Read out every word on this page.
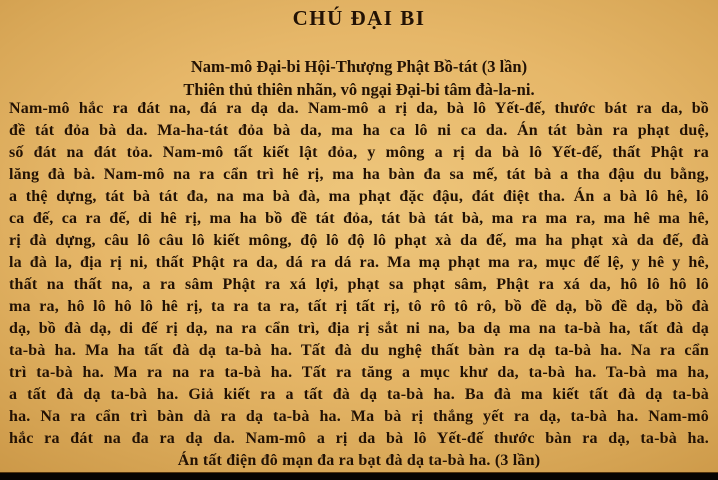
CHÚ ĐẠI BI
Nam-mô Đại-bi Hội-Thượng Phật Bồ-tát (3 lần)
Thiên thủ thiên nhãn, vô ngại Đại-bi tâm đà-la-ni.
Nam-mô hắc ra đát na, đá ra dạ da. Nam-mô a rị da, bà lô Yết-đế, thước bát ra da, bồ
đề tát đỏa bà da. Ma-ha-tát đỏa bà da, ma ha ca lô ni ca da. Án tát bàn ra phạt duệ,
số đát na đát tỏa. Nam-mô tất kiết lật đỏa, y mông a rị da bà lô Yết-đế, thất Phật ra
lăng đà bà. Nam-mô na ra cẩn trì hê rị, ma ha bàn đa sa mế, tát bà a tha đậu du bằng,
a thệ dựng, tát bà tát đa, na ma bà đà, ma phạt đặc đậu, đát điệt tha. Án a bà lô hê, lô
ca đế, ca ra đế, di hê rị, ma ha bồ đề tát đỏa, tát bà tát bà, ma ra ma ra, ma hê ma hê,
rị đà dựng, câu lô câu lô kiết mông, độ lô độ lô phạt xà da đế, ma ha phạt xà da đế, đà
la đà la, địa rị ni, thất Phật ra da, dá ra dá ra. Ma mạ phạt ma ra, mục đế lệ, y hê y hê,
thất na thất na, a ra sâm Phật ra xá lợi, phạt sa phạt sâm, Phật ra xá da, hô lô hô lô
ma ra, hô lô hô lô hê rị, ta ra ta ra, tất rị tất rị, tô rô tô rô, bồ đề dạ, bồ đề dạ, bồ đà
dạ, bồ đà dạ, di đế rị dạ, na ra cẩn trì, địa rị sắt ni na, ba dạ ma na ta-bà ha, tất đà dạ
ta-bà ha. Ma ha tất đà dạ ta-bà ha. Tất đà du nghệ thất bàn ra dạ ta-bà ha. Na ra cẩn
trì ta-bà ha. Ma ra na ra ta-bà ha. Tất ra tăng a mục khư da, ta-bà ha. Ta-bà ma ha,
a tất đà dạ ta-bà ha. Giả kiết ra a tất đà dạ ta-bà ha. Ba đà ma kiết tất đà dạ ta-bà
ha. Na ra cẩn trì bàn dà ra dạ ta-bà ha. Ma bà rị thắng yết ra dạ, ta-bà ha. Nam-mô
hắc ra đát na đa ra dạ da. Nam-mô a rị da bà lô Yết-đế thước bàn ra dạ, ta-bà ha.
Án tất điện đô mạn đa ra bạt đà dạ ta-bà ha. (3 lần)
